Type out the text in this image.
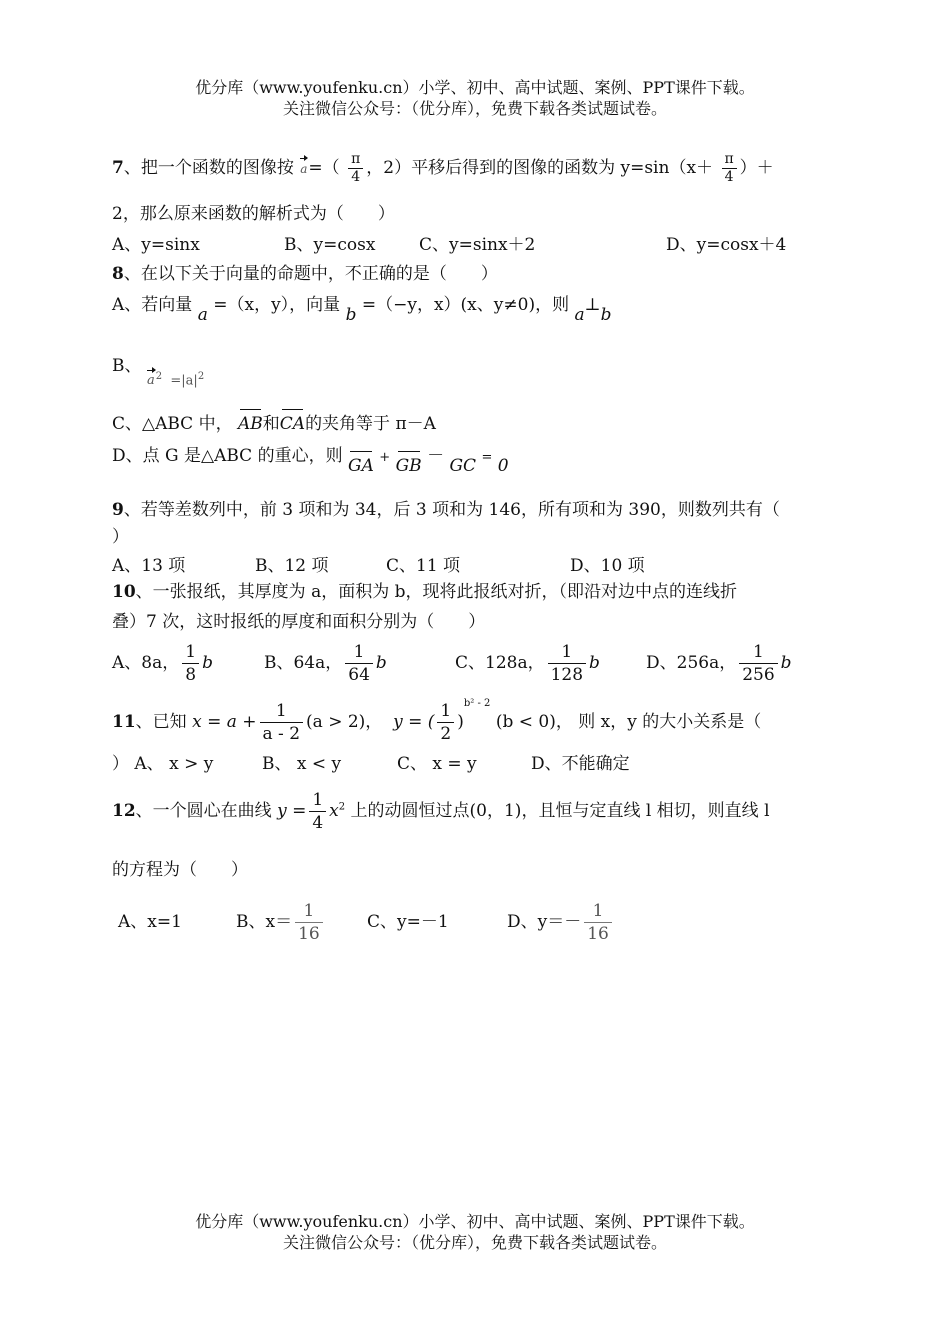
优分库（www.youfenku.cn）小学、初中、高中试题、案例、PPT课件下载。
关注微信公众号：（优分库），免费下载各类试题试卷。
7、把一个函数的图像按 $a=( \frac{\pi}{4}$ ，2）平移后得到的图像的函数为 $y=\sin(x+ \frac{\pi}{4}$ ）＋
2，那么原来函数的解析式为（　　）
A、y=sinx	B、y=cosx	C、y=sinx＋2	D、y=cosx＋4
8、在以下关于向量的命题中，不正确的是（　　）
A、若向量 a =（x，y），向量 b =（−y，x）(x、y≠0)，则 a⊥b
B、
$a^2 =|a|^2$
C、△ABC 中， AB和CA的夹角等于 π－A
D、点 G 是△ABC 的重心，则 GA + GB － GC = 0
9、若等差数列中，前 3 项和为 34，后 3 项和为 146，所有项和为 390，则数列共有（
）
A、13 项	B、12 项	C、11 项	D、10 项
10、一张报纸，其厚度为 a，面积为 b，现将此报纸对折，（即沿对边中点的连线折
叠）7 次，这时报纸的厚度和面积分别为（　　）
A、8a， $\frac{1}{8}$ b	B、64a， $\frac{1}{64}$ b	C、128a， $\frac{1}{128}$ b	D、256a， $\frac{1}{256}$ b
11、已知 $x = a + \frac{1}{a - 2} (a > 2)$， y = ( $\frac{1}{2} )^{b^2 - 2}$ (b < 0)， 则 x，y 的大小关系是（
） A、 x > y	B、 x < y	C、 x = y	D、不能确定
12、一个圆心在曲线 $y = \frac{1}{4} x^2$ 上的动圆恒过点(0，1)，且恒与定直线 l 相切，则直线 l
的方程为（　　）
A、x=1	B、$x= \frac{1}{16}$	C、y=－1	D、$y=- \frac{1}{16}$
优分库（www.youfenku.cn）小学、初中、高中试题、案例、PPT课件下载。
关注微信公众号：（优分库），免费下载各类试题试卷。
